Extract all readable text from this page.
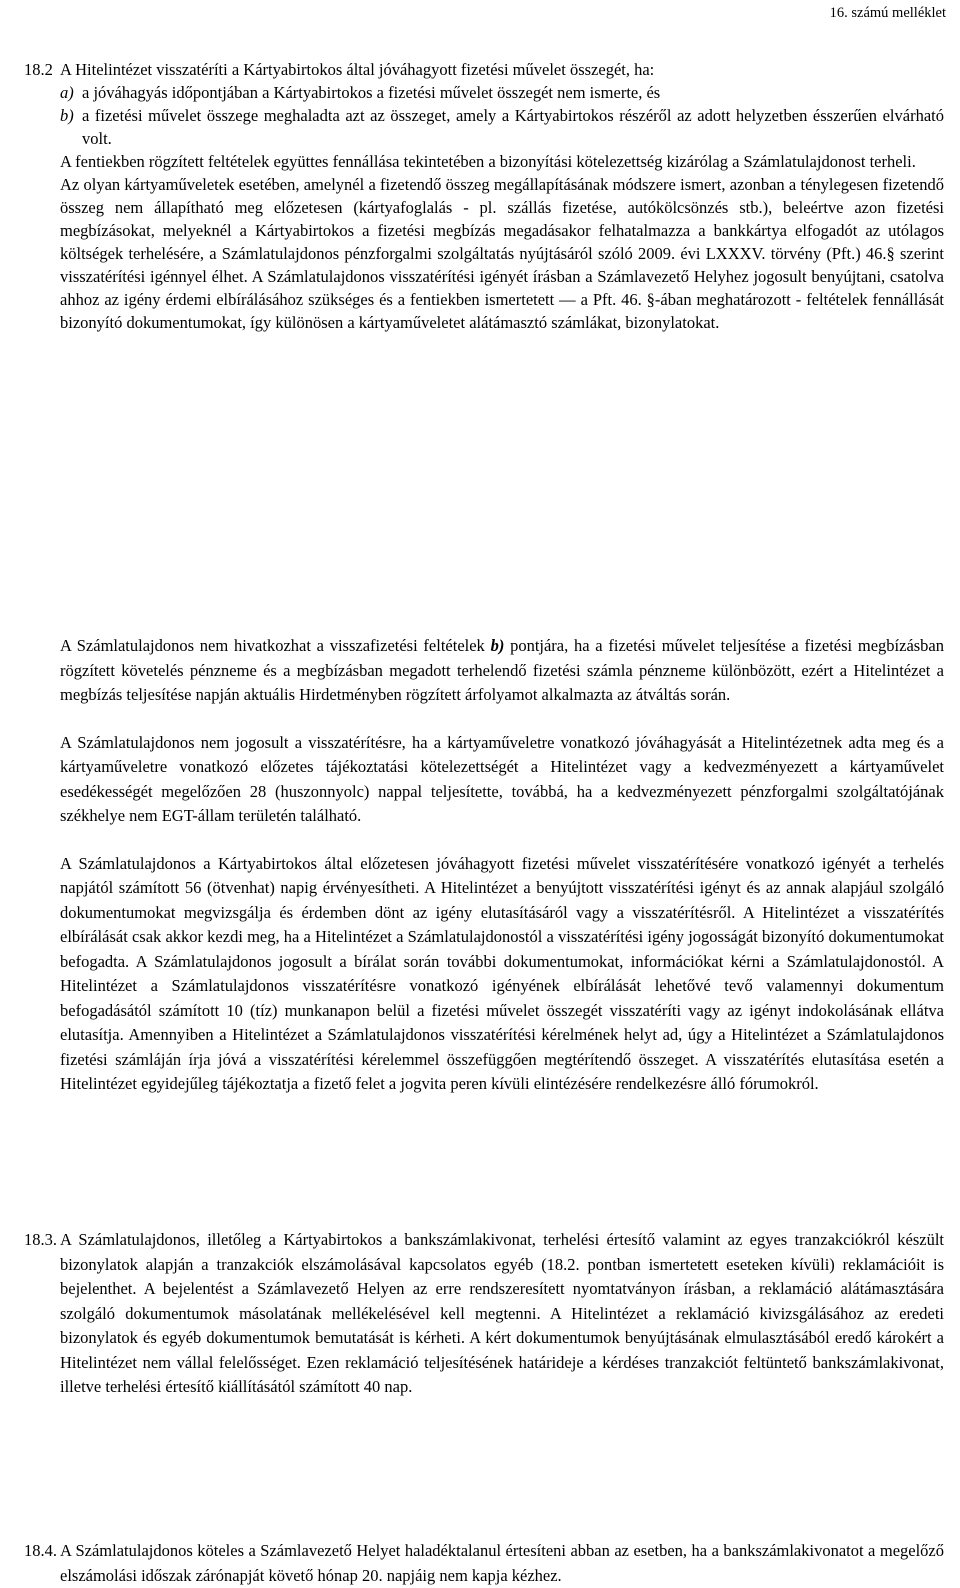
16. számú melléklet
18.2 A Hitelintézet visszatéríti a Kártyabirtokos által jóváhagyott fizetési művelet összegét, ha:

a) a jóváhagyás időpontjában a Kártyabirtokos a fizetési művelet összegét nem ismerte, és
b) a fizetési művelet összege meghaladta azt az összeget, amely a Kártyabirtokos részéről az adott helyzetben ésszerűen elvárható volt.

A fentiekben rögzített feltételek együttes fennállása tekintetében a bizonyítási kötelezettség kizárólag a Számlatulajdonost terheli.

Az olyan kártyaműveletek esetében, amelynél a fizetendő összeg megállapításának módszere ismert, azonban a ténylegesen fizetendő összeg nem állapítható meg előzetesen (kártyafoglalás - pl. szállás fizetése, autókölcsönzés stb.), beleértve azon fizetési megbízásokat, melyeknél a Kártyabirtokos a fizetési megbízás megadásakor felhatalmazza a bankkártya elfogadót az utólagos költségek terhelésére, a Számlatulajdonos pénzforgalmi szolgáltatás nyújtásáról szóló 2009. évi LXXXV. törvény (Pft.) 46.§ szerint visszatérítési igénnyel élhet. A Számlatulajdonos visszatérítési igényét írásban a Számlavezető Helyhez jogosult benyújtani, csatolva ahhoz az igény érdemi elbírálásához szükséges és a fentiekben ismertetett — a Pft. 46. §-ában meghatározott - feltételek fennállását bizonyító dokumentumokat, így különösen a kártyaműveletet alátámasztó számlákat, bizonylatokat.

A Számlatulajdonos nem hivatkozhat a visszafizetési feltételek b) pontjára, ha a fizetési művelet teljesítése a fizetési megbízásban rögzített követelés pénzneme és a megbízásban megadott terhelendő fizetési számla pénzneme különbözött, ezért a Hitelintézet a megbízás teljesítése napján aktuális Hirdetményben rögzített árfolyamot alkalmazta az átváltás során.

A Számlatulajdonos nem jogosult a visszatérítésre, ha a kártyaműveletre vonatkozó jóváhagyását a Hitelintézetnek adta meg és a kártyaműveletre vonatkozó előzetes tájékoztatási kötelezettségét a Hitelintézet vagy a kedvezményezett a kártyaművelet esedékességét megelőzően 28 (huszonnyolc) nappal teljesítette, továbbá, ha a kedvezményezett pénzforgalmi szolgáltatójának székhelye nem EGT-állam területén található.

A Számlatulajdonos a Kártyabirtokos által előzetesen jóváhagyott fizetési művelet visszatérítésére vonatkozó igényét a terhelés napjától számított 56 (ötvenhat) napig érvényesítheti. A Hitelintézet a benyújtott visszatérítési igényt és az annak alapjául szolgáló dokumentumokat megvizsgálja és érdemben dönt az igény elutasításáról vagy a visszatérítésről. A Hitelintézet a visszatérítés elbírálását csak akkor kezdi meg, ha a Hitelintézet a Számlatulajdonostól a visszatérítési igény jogosságát bizonyító dokumentumokat befogadta. A Számlatulajdonos jogosult a bírálat során további dokumentumokat, információkat kérni a Számlatulajdonostól. A Hitelintézet a Számlatulajdonos visszatérítésre vonatkozó igényének elbírálását lehetővé tevő valamennyi dokumentum befogadásától számított 10 (tíz) munkanapon belül a fizetési művelet összegét visszatéríti vagy az igényt indokolásának ellátva elutasítja. Amennyiben a Hitelintézet a Számlatulajdonos visszatérítési kérelmének helyt ad, úgy a Hitelintézet a Számlatulajdonos fizetési számláján írja jóvá a visszatérítési kérelemmel összefüggően megtérítendő összeget. A visszatérítés elutasítása esetén a Hitelintézet egyidejűleg tájékoztatja a fizető felet a jogvita peren kívüli elintézésére rendelkezésre álló fórumokról.

18.3. A Számlatulajdonos, illetőleg a Kártyabirtokos a bankszámlakivonat, terhelési értesítő valamint az egyes tranzakciókról készült bizonylatok alapján a tranzakciók elszámolásával kapcsolatos egyéb (18.2. pontban ismertetett eseteken kívüli) reklamációit is bejelenthet. A bejelentést a Számlavezető Helyen az erre rendszeresített nyomtatványon írásban, a reklamáció alátámasztására szolgáló dokumentumok másolatának mellékelésével kell megtenni. A Hitelintézet a reklamáció kivizsgálásához az eredeti bizonylatok és egyéb dokumentumok bemutatását is kérheti. A kért dokumentumok benyújtásának elmulasztásából eredő károkért a Hitelintézet nem vállal felelősséget. Ezen reklamáció teljesítésének határideje a kérdéses tranzakciót feltüntető bankszámlakivonat, illetve terhelési értesítő kiállításától számított 40 nap.

18.4. A Számlatulajdonos köteles a Számlavezető Helyet haladéktalanul értesíteni abban az esetben, ha a bankszámlakivonatot a megelőző elszámolási időszak zárónapját követő hónap 20. napjáig nem kapja kézhez.
